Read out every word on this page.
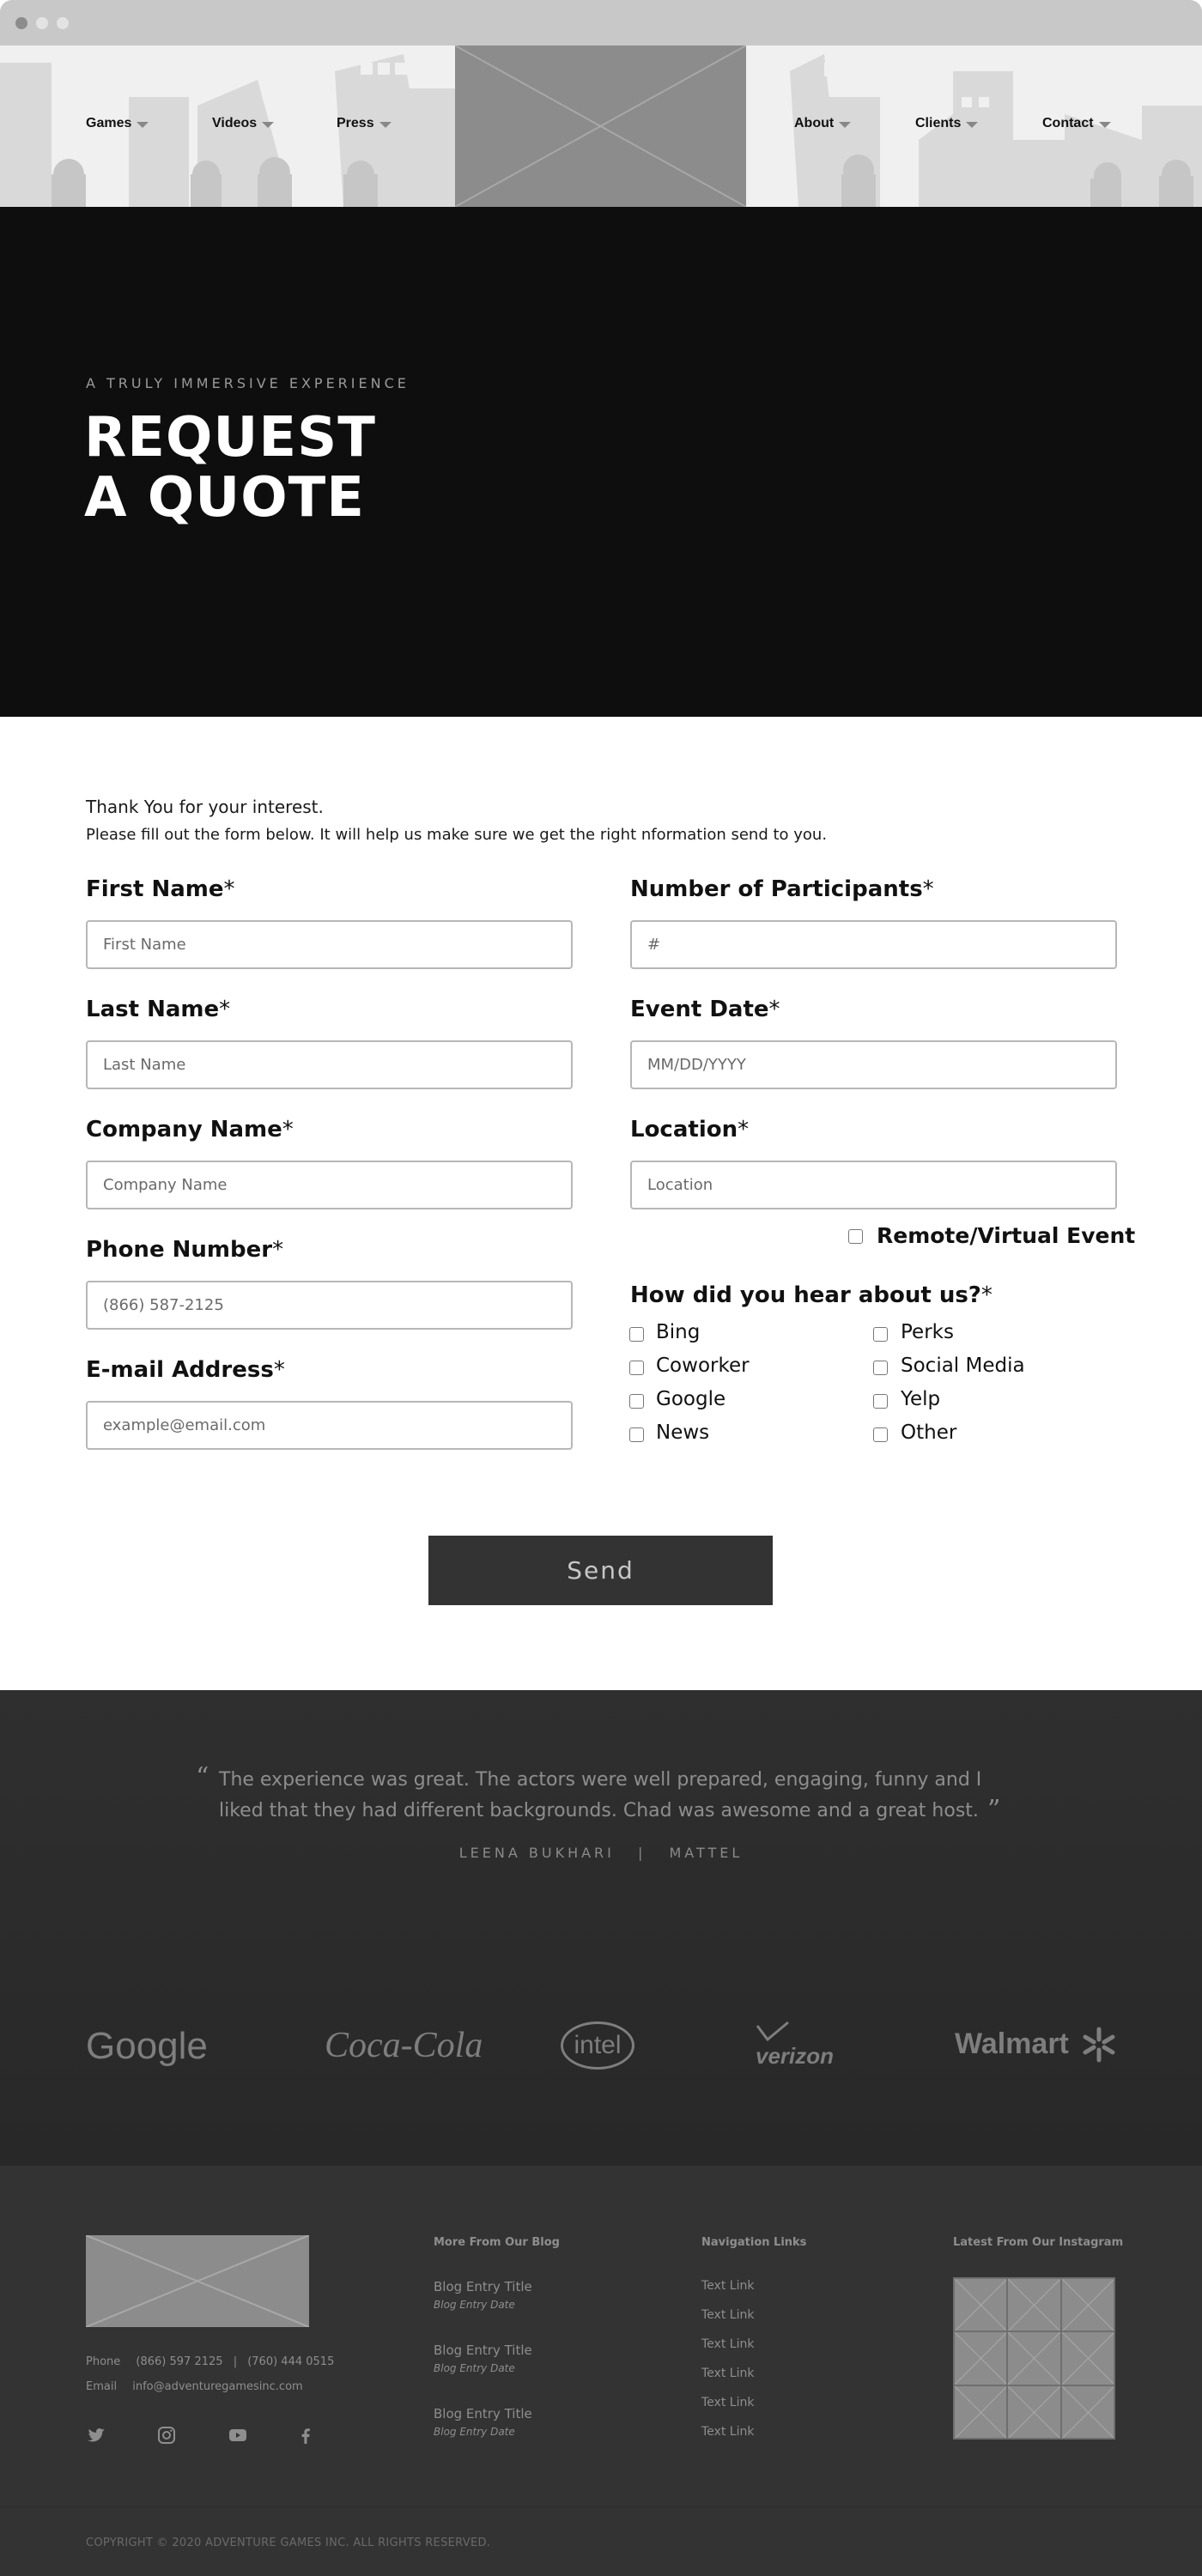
Games	Videos	Press	About	Clients	Contact
A TRULY IMMERSIVE EXPERIENCE
REQUEST
A QUOTE

Thank You for your interest.

Please fill out the form below. It will help us make sure we get the right nformation send to you.

First Name*
First Name
Last Name*
Last Name
Company Name*
Company Name
Phone Number*
(866) 587-2125
E-mail Address*
example@email.com
Number of Participants*
#
Event Date*
MM/DD/YYYY
Location*
Location
Remote/Virtual Event
How did you hear about us?*
Bing
Coworker
Google
News
Perks
Social Media
Yelp
Other
Send
“ The experience was great. The actors were well prepared, engaging, funny and I liked that they had different backgrounds. Chad was awesome and a great host. ”
LEENA BUKHARI | MATTEL
Google	Coca-Cola	intel	verizon	Walmart
Phone (866) 597 2125 | (760) 444 0515
Email info@adventuregamesinc.com
More From Our Blog
Blog Entry Title
Blog Entry Date
Blog Entry Title
Blog Entry Date
Blog Entry Title
Blog Entry Date
Navigation Links
Text Link
Text Link
Text Link
Text Link
Text Link
Text Link
Latest From Our Instagram
COPYRIGHT © 2020 ADVENTURE GAMES INC. ALL RIGHTS RESERVED.
